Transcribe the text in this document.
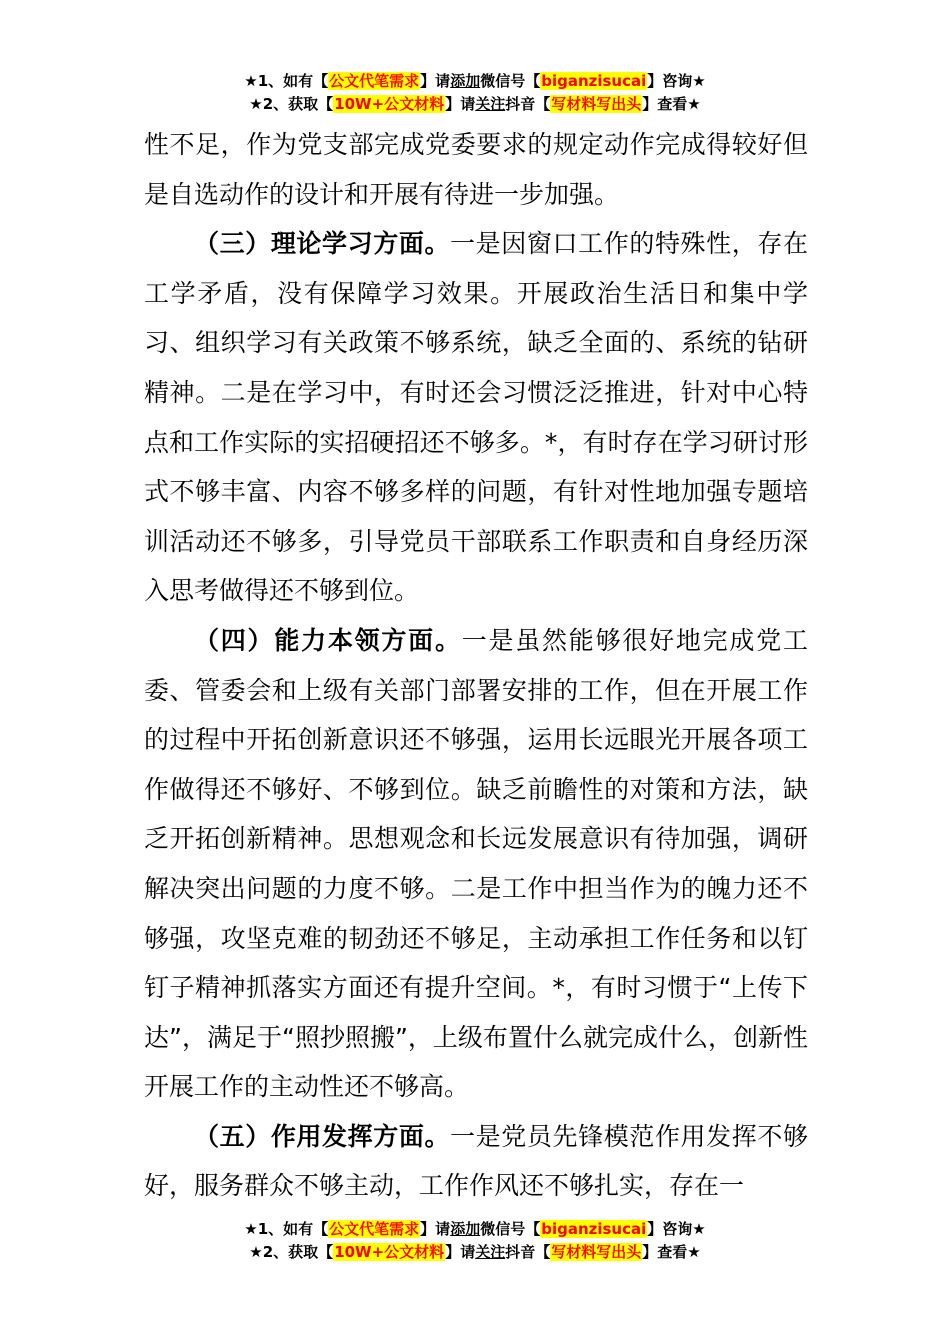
★1、如有【公文代笔需求】请添加微信号【biganzisucai】咨询★
★2、获取【10W+公文材料】请关注抖音【写材料写出头】查看★

性不足，作为党支部完成党委要求的规定动作完成得较好但是自选动作的设计和开展有待进一步加强。

（三）理论学习方面。一是因窗口工作的特殊性，存在工学矛盾，没有保障学习效果。开展政治生活日和集中学习、组织学习有关政策不够系统，缺乏全面的、系统的钻研精神。二是在学习中，有时还会习惯泛泛推进，针对中心特点和工作实际的实招硬招还不够多。*，有时存在学习研讨形式不够丰富、内容不够多样的问题，有针对性地加强专题培训活动还不够多，引导党员干部联系工作职责和自身经历深入思考做得还不够到位。

（四）能力本领方面。一是虽然能够很好地完成党工委、管委会和上级有关部门部署安排的工作，但在开展工作的过程中开拓创新意识还不够强，运用长远眼光开展各项工作做得还不够好、不够到位。缺乏前瞻性的对策和方法，缺乏开拓创新精神。思想观念和长远发展意识有待加强，调研解决突出问题的力度不够。二是工作中担当作为的魄力还不够强，攻坚克难的韧劲还不够足，主动承担工作任务和以钉钉子精神抓落实方面还有提升空间。*，有时习惯于“上传下达”，满足于“照抄照搬”，上级布置什么就完成什么，创新性开展工作的主动性还不够高。

（五）作用发挥方面。一是党员先锋模范作用发挥不够好，服务群众不够主动，工作作风还不够扎实，存在一

★1、如有【公文代笔需求】请添加微信号【biganzisucai】咨询★
★2、获取【10W+公文材料】请关注抖音【写材料写出头】查看★
